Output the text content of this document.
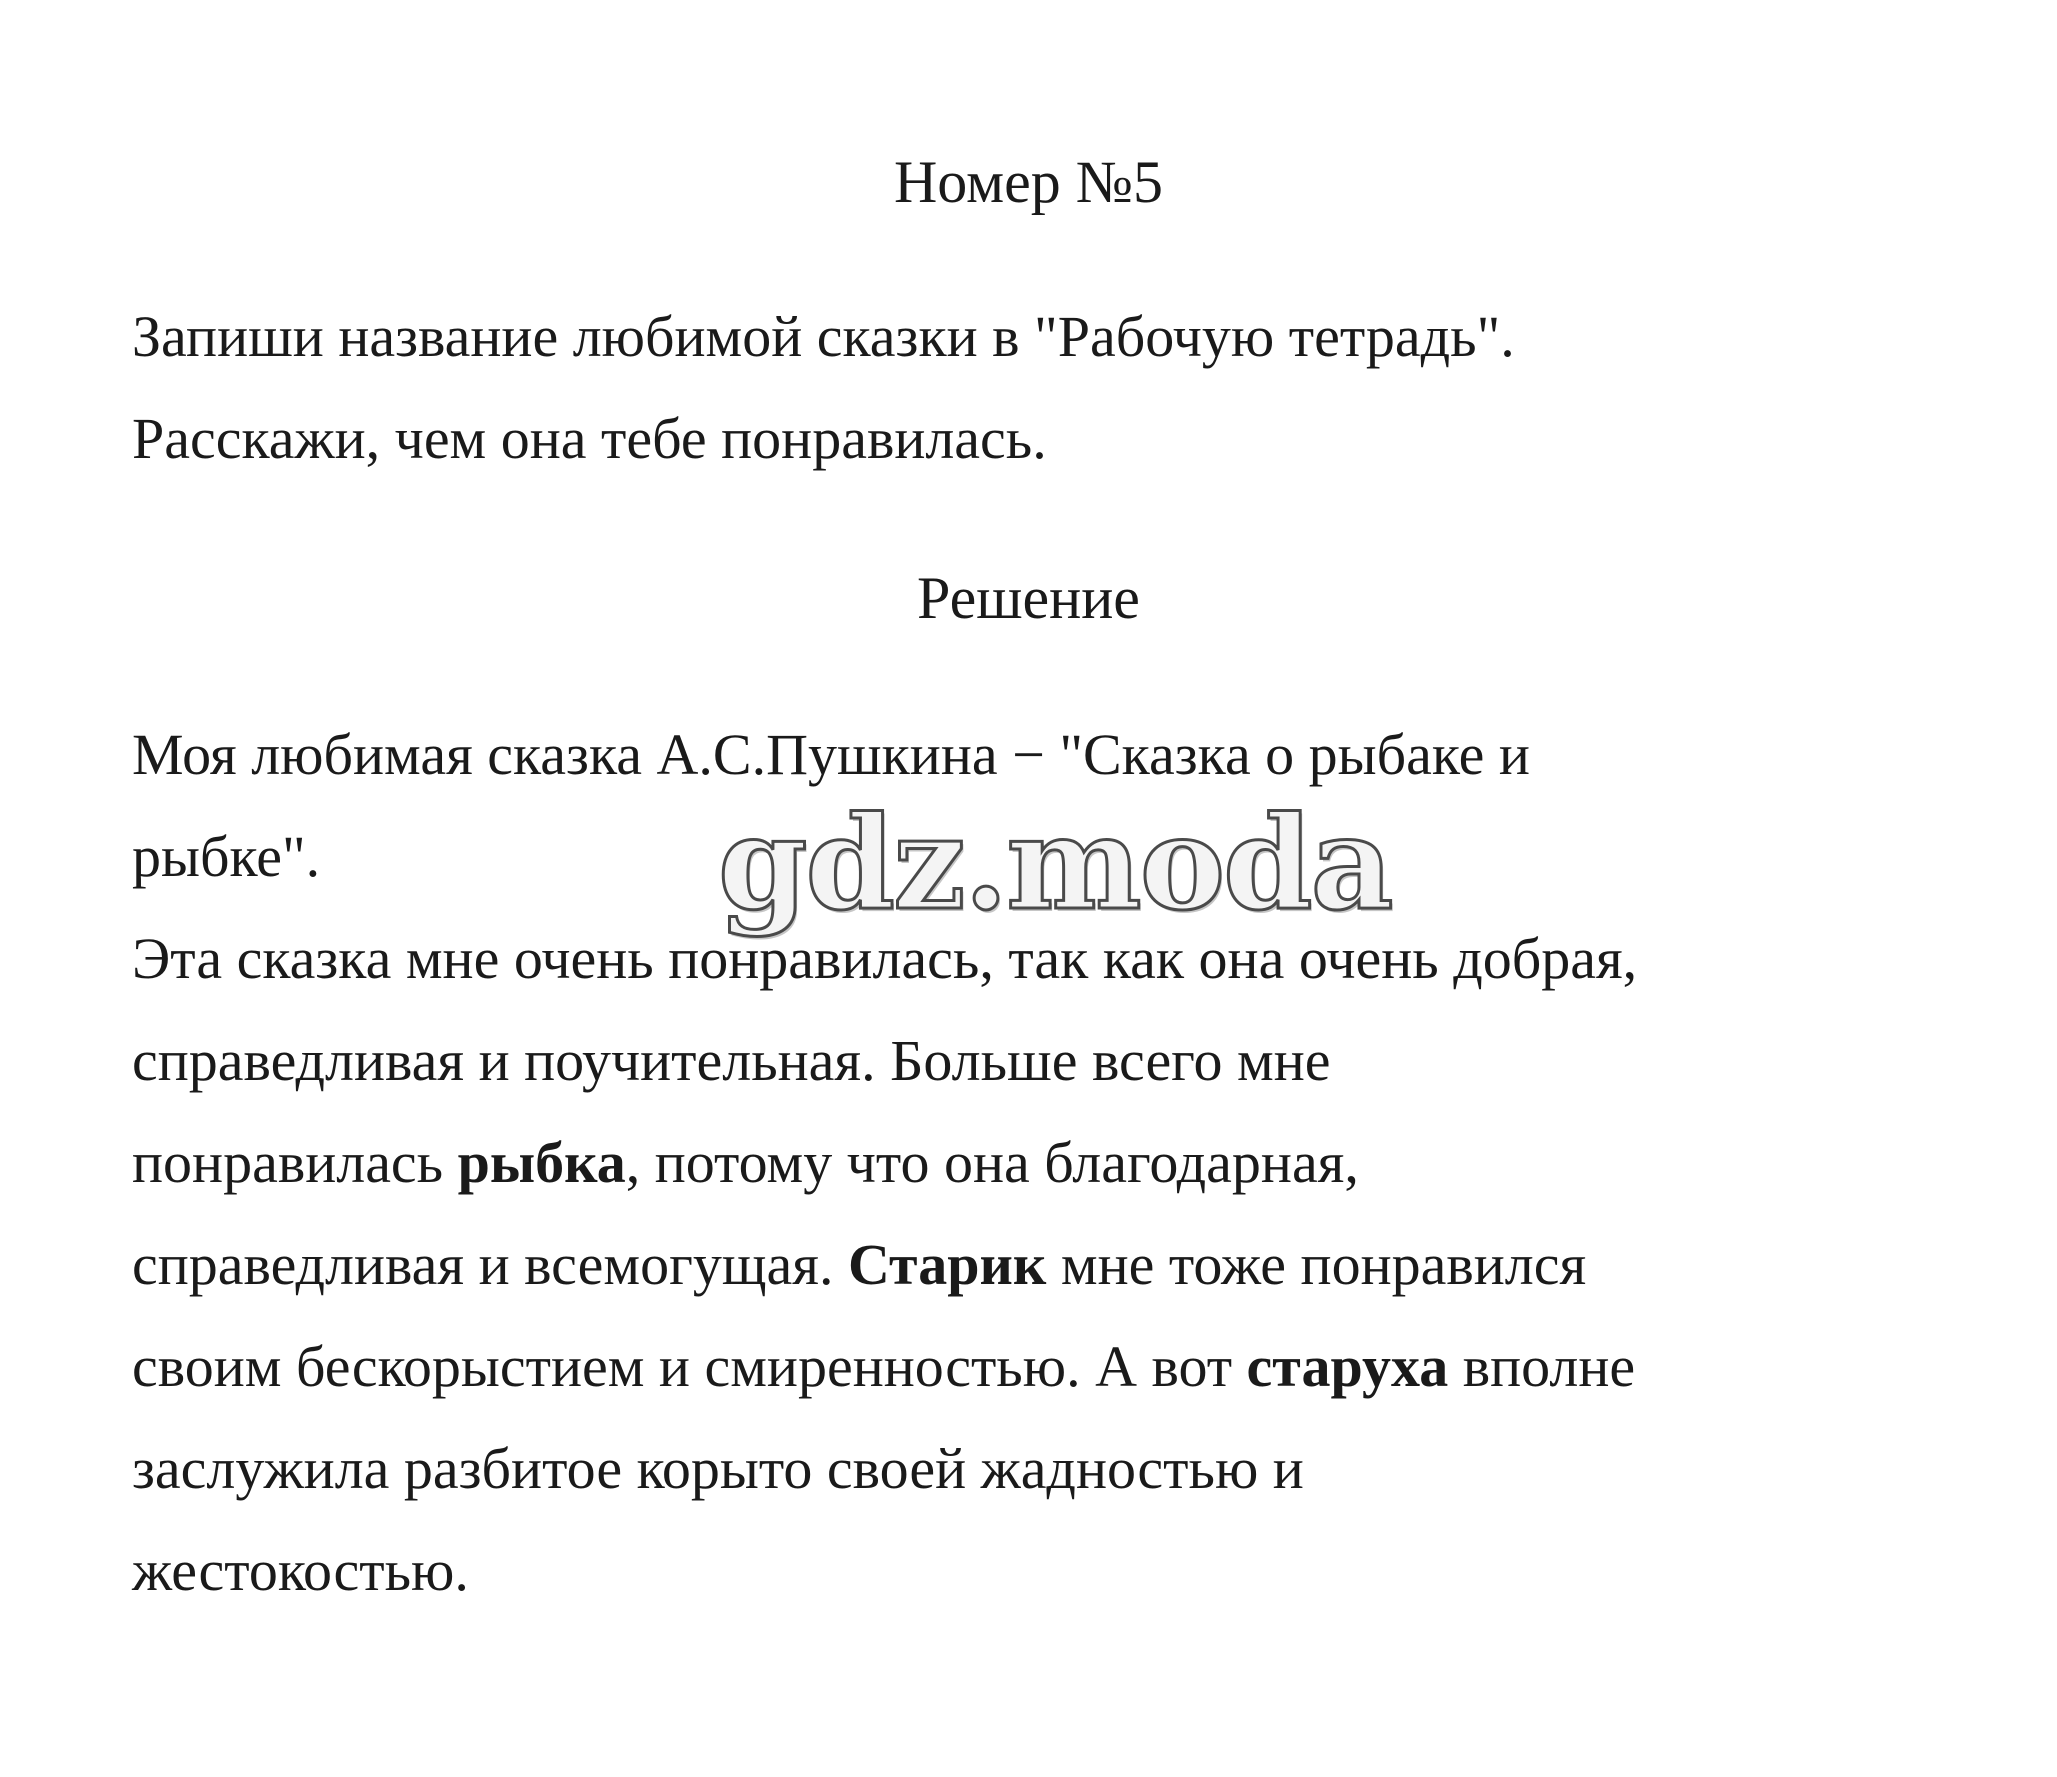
Номер №5
Запиши название любимой сказки в "Рабочую тетрадь".
Расскажи, чем она тебе понравилась.
Решение
Моя любимая сказка А.С.Пушкина − "Сказка о рыбаке и
рыбке".
Эта сказка мне очень понравилась, так как она очень добрая,
справедливая и поучительная. Больше всего мне
понравилась рыбка, потому что она благодарная,
справедливая и всемогущая. Старик мне тоже понравился
своим бескорыстием и смиренностью. А вот старуха вполне
заслужила разбитое корыто своей жадностью и
жестокостью.
gdz.moda
